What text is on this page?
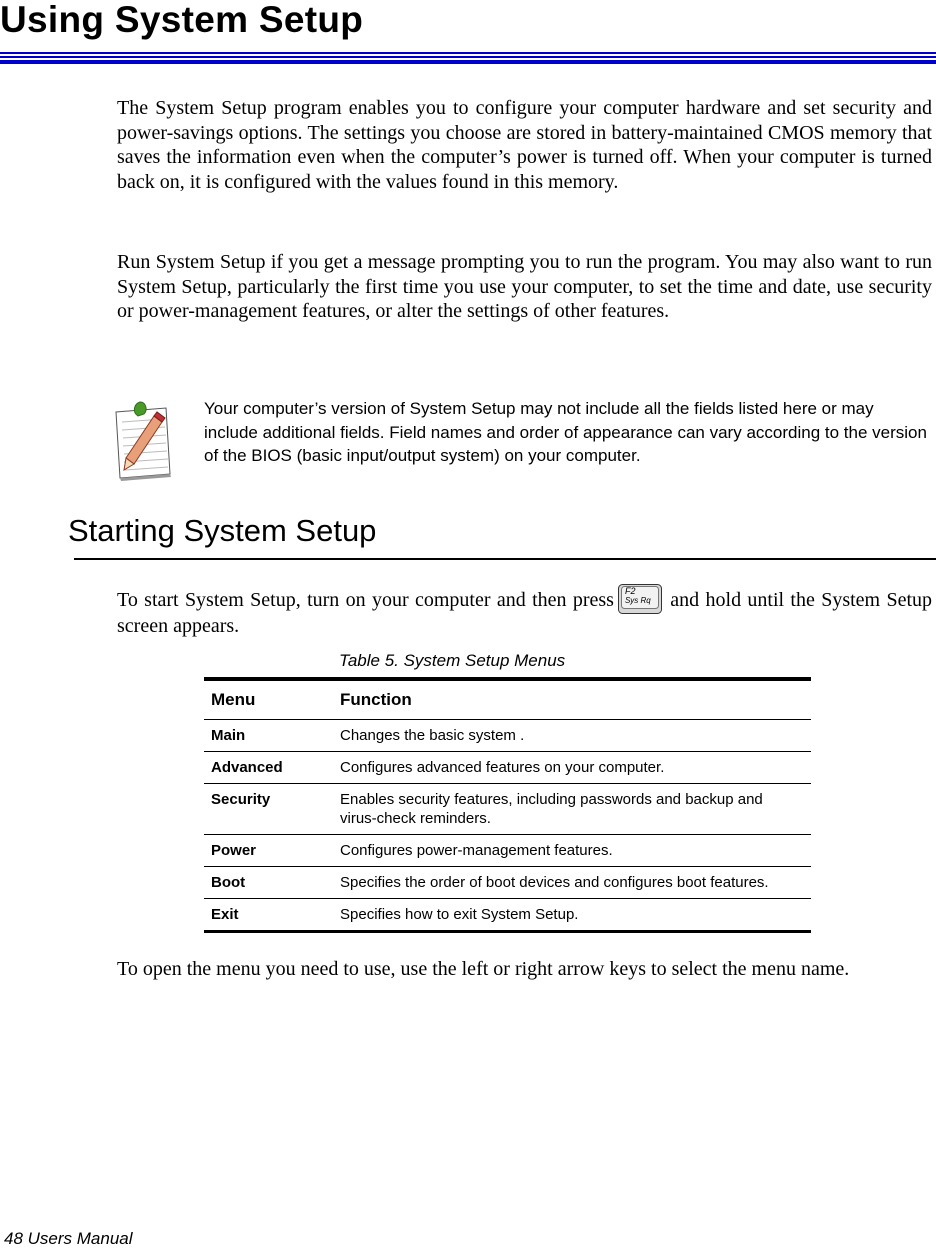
Using System Setup

The System Setup program enables you to configure your computer hardware and set security and power-savings options. The settings you choose are stored in battery-maintained CMOS memory that saves the information even when the computer’s power is turned off. When your computer is turned back on, it is configured with the values found in this memory.

Run System Setup if you get a message prompting you to run the program. You may also want to run System Setup, particularly the first time you use your computer, to set the time and date, use security or power-management features, or alter the settings of other features.

Your computer’s version of System Setup may not include all the fields listed here or may include additional fields. Field names and order of appearance can vary according to the version of the BIOS (basic input/output system) on your computer.

Starting System Setup

To start System Setup, turn on your computer and then press F2
Sys Rq and hold until the System Setup screen appears.

Table 5. System Setup Menus

Menu	Function
Main	Changes the basic system .
Advanced	Configures advanced features on your computer.
Security	Enables security features, including passwords and backup and virus-check reminders.
Power	Configures power-management features.
Boot	Specifies the order of boot devices and configures boot features.
Exit	Specifies how to exit System Setup.

To open the menu you need to use, use the left or right arrow keys to select the menu name.

48 Users Manual
